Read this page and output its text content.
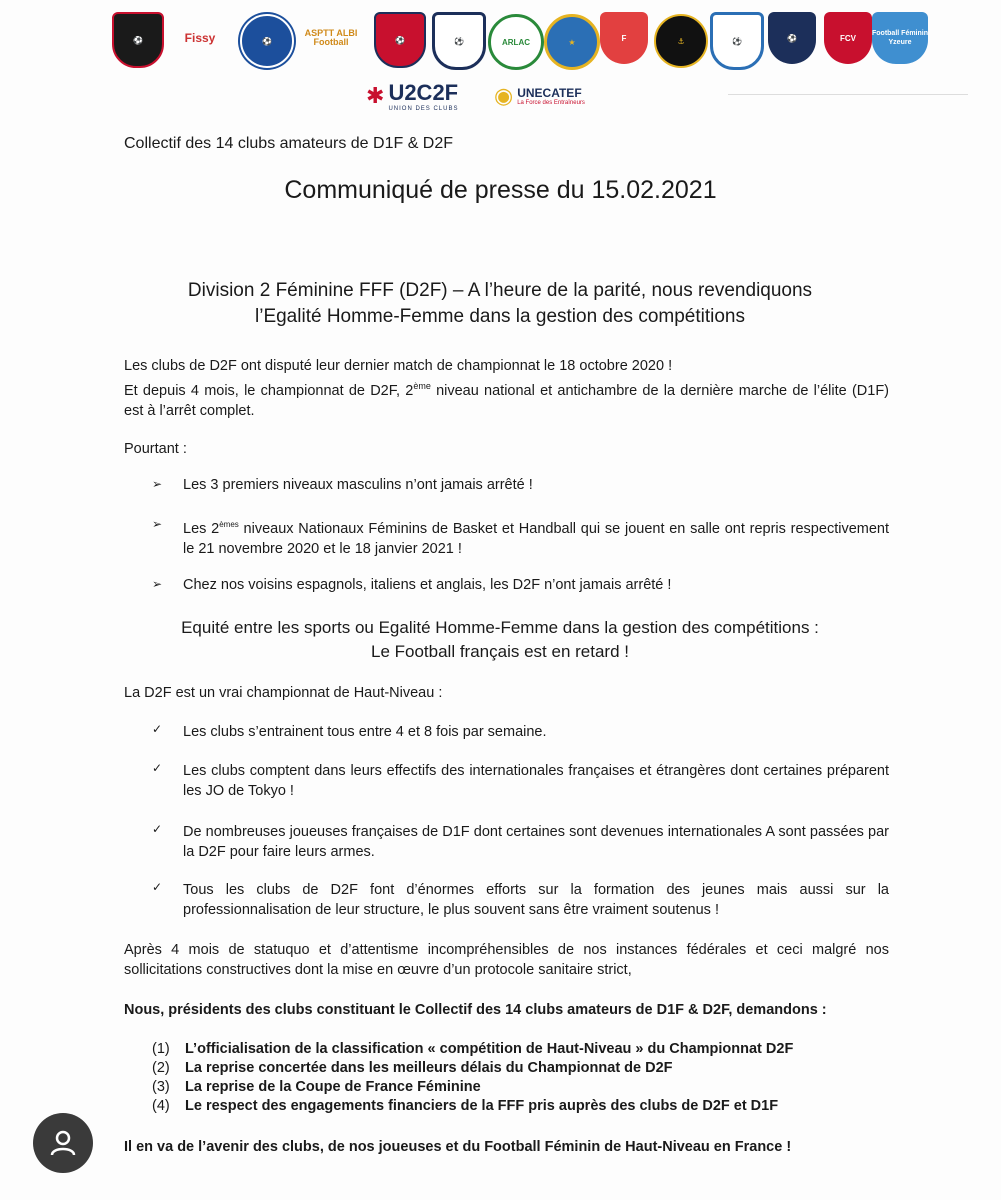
⚽	Fissy	⚽
ASPTT ALBI Football	⚽	⚽	ARLAC	★	F	⚓	⚽	⚽	FCV Football Féminin Yzeure
✱ U2C2F
UNION DES CLUBS
◉ UNECATEF
La Force des Entraîneurs
Collectif des 14 clubs amateurs de D1F & D2F
Communiqué de presse du 15.02.2021
Division 2 Féminine FFF (D2F) – A l’heure de la parité, nous revendiquons
l’Egalité Homme-Femme dans la gestion des compétitions
Les clubs de D2F ont disputé leur dernier match de championnat le 18 octobre 2020 !
Et depuis 4 mois, le championnat de D2F, 2ème niveau national et antichambre de la dernière marche de l’élite (D1F) est à l’arrêt complet.
Pourtant :
➢ Les 3 premiers niveaux masculins n’ont jamais arrêté !
➢ Les 2èmes niveaux Nationaux Féminins de Basket et Handball qui se jouent en salle ont repris respectivement le 21 novembre 2020 et le 18 janvier 2021 !
➢ Chez nos voisins espagnols, italiens et anglais, les D2F n’ont jamais arrêté !
Equité entre les sports ou Egalité Homme-Femme dans la gestion des compétitions :
Le Football français est en retard !
La D2F est un vrai championnat de Haut-Niveau :
✓ Les clubs s’entrainent tous entre 4 et 8 fois par semaine.
✓ Les clubs comptent dans leurs effectifs des internationales françaises et étrangères dont certaines préparent les JO de Tokyo !
✓ De nombreuses joueuses françaises de D1F dont certaines sont devenues internationales A sont passées par la D2F pour faire leurs armes.
✓ Tous les clubs de D2F font d’énormes efforts sur la formation des jeunes mais aussi sur la professionnalisation de leur structure, le plus souvent sans être vraiment soutenus !
Après 4 mois de statuquo et d’attentisme incompréhensibles de nos instances fédérales et ceci malgré nos sollicitations constructives dont la mise en œuvre d’un protocole sanitaire strict,
Nous, présidents des clubs constituant le Collectif des 14 clubs amateurs de D1F & D2F, demandons :
(1)	L’officialisation de la classification « compétition de Haut-Niveau » du Championnat D2F
(2)	La reprise concertée dans les meilleurs délais du Championnat de D2F
(3)	La reprise de la Coupe de France Féminine
(4)	Le respect des engagements financiers de la FFF pris auprès des clubs de D2F et D1F
Il en va de l’avenir des clubs, de nos joueuses et du Football Féminin de Haut-Niveau en France !
